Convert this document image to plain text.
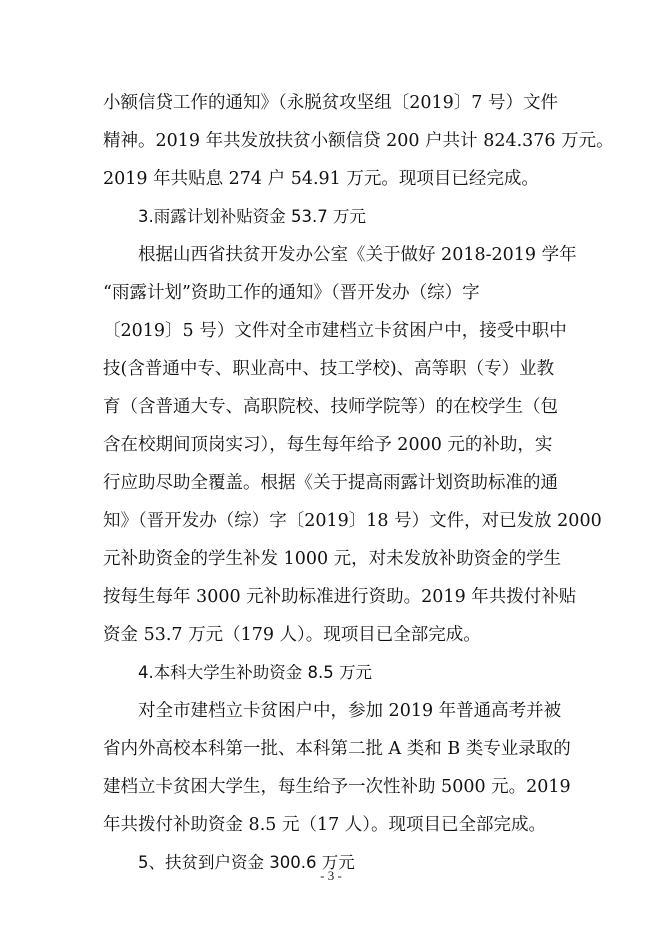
小额信贷工作的通知》（永脱贫攻坚组〔2019〕7 号）文件
精神。2019 年共发放扶贫小额信贷 200 户共计 824.376 万元。
2019 年共贴息 274 户 54.91 万元。现项目已经完成。
3.雨露计划补贴资金 53.7 万元
根据山西省扶贫开发办公室《关于做好 2018-2019 学年
“雨露计划”资助工作的通知》（晋开发办（综）字
〔2019〕5 号）文件对全市建档立卡贫困户中，接受中职中
技(含普通中专、职业高中、技工学校)、高等职（专）业教
育（含普通大专、高职院校、技师学院等）的在校学生（包
含在校期间顶岗实习），每生每年给予 2000 元的补助，实
行应助尽助全覆盖。根据《关于提高雨露计划资助标准的通
知》（晋开发办（综）字〔2019〕18 号）文件，对已发放 2000
元补助资金的学生补发 1000 元，对未发放补助资金的学生
按每生每年 3000 元补助标准进行资助。2019 年共拨付补贴
资金 53.7 万元（179 人）。现项目已全部完成。
4.本科大学生补助资金 8.5 万元
对全市建档立卡贫困户中，参加 2019 年普通高考并被
省内外高校本科第一批、本科第二批 A 类和 B 类专业录取的
建档立卡贫困大学生，每生给予一次性补助 5000 元。2019
年共拨付补助资金 8.5 元（17 人）。现项目已全部完成。
5、扶贫到户资金 300.6 万元
- 3 -
